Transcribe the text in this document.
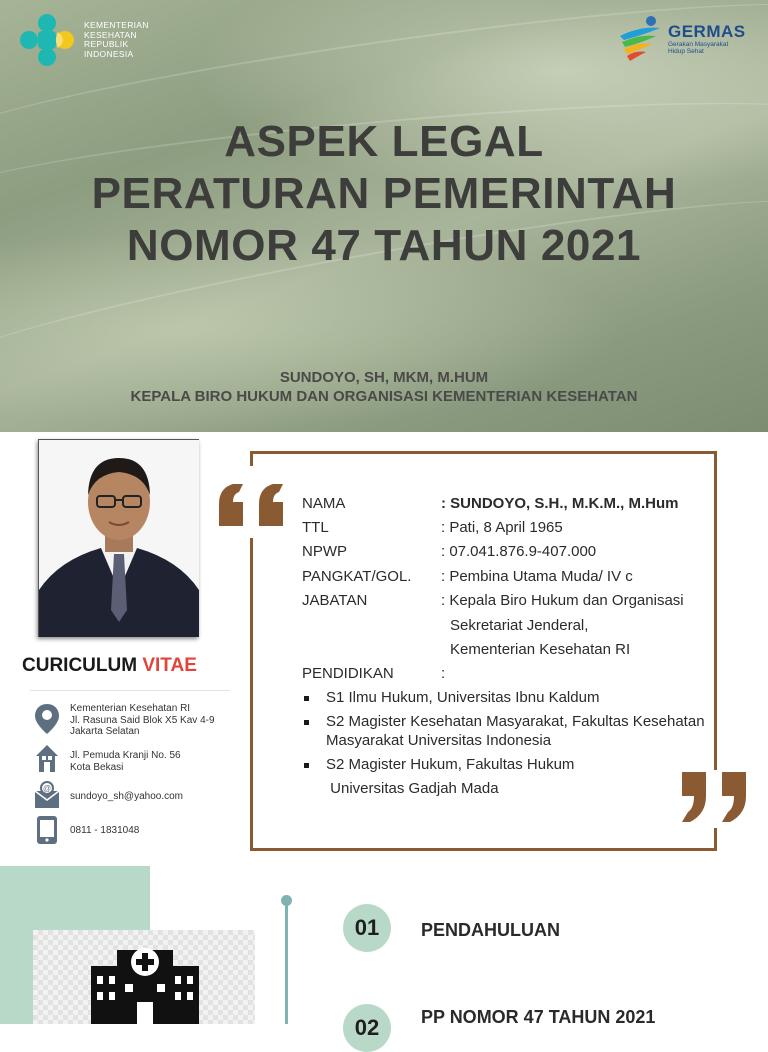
KEMENTERIAN
KESEHATAN
REPUBLIK
INDONESIA
GERMAS
Gerakan Masyarakat
Hidup Sehat
ASPEK LEGAL
PERATURAN PEMERINTAH
NOMOR 47 TAHUN 2021

SUNDOYO, SH, MKM, M.HUM

KEPALA BIRO HUKUM DAN ORGANISASI KEMENTERIAN KESEHATAN

CURICULUM VITAE
Kementerian Kesehatan RI
Jl. Rasuna Said Blok X5 Kav 4-9
Jakarta Selatan
Jl. Pemuda Kranji No. 56
Kota Bekasi
@
sundoyo_sh@yahoo.com
0811 - 1831048
NAMA	: SUNDOYO, S.H., M.K.M., M.Hum
TTL	: Pati, 8 April 1965
NPWP	: 07.041.876.9-407.000
PANGKAT/GOL. : Pembina Utama Muda/ IV c
JABATAN	: Kepala Biro Hukum dan Organisasi
Sekretariat Jenderal,
Kementerian Kesehatan RI
PENDIDIKAN	:
S1 Ilmu Hukum, Universitas Ibnu Kaldum
S2 Magister Kesehatan Masyarakat, Fakultas Kesehatan
Masyarakat Universitas Indonesia
S2 Magister Hukum, Fakultas Hukum
Universitas Gadjah Mada
01	PENDAHULUAN
02	PP NOMOR 47 TAHUN 2021
